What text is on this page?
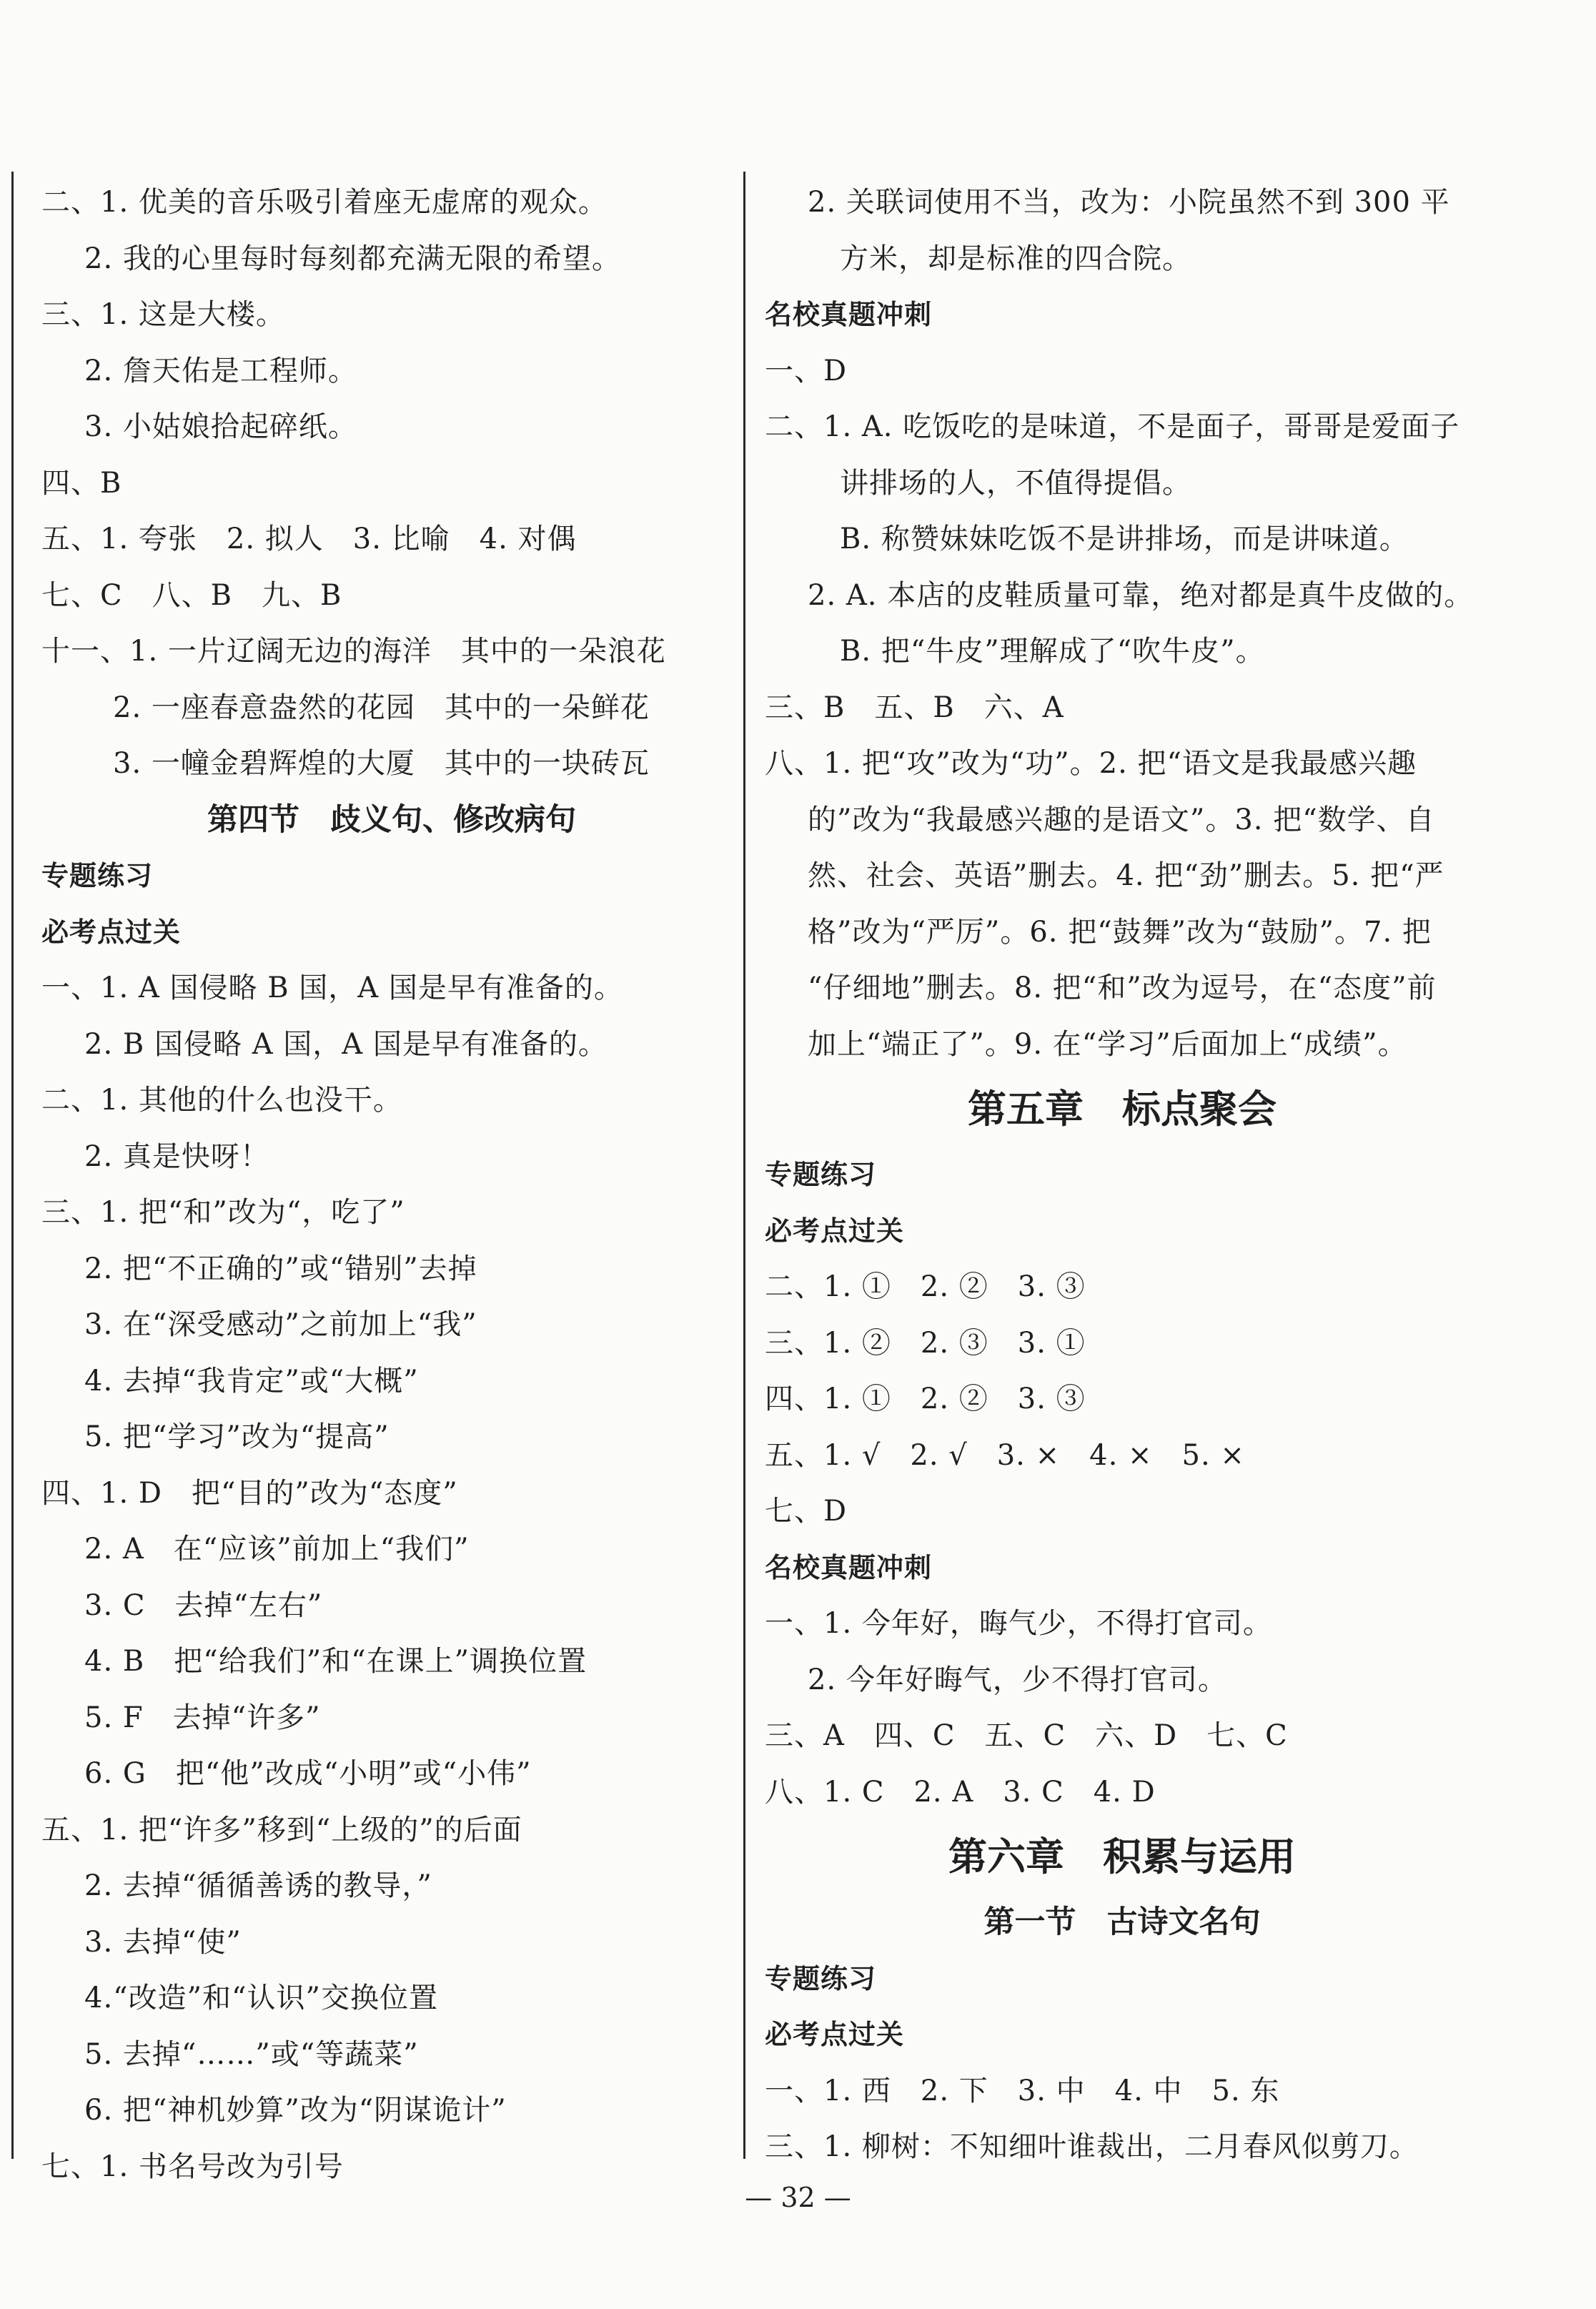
二、1. 优美的音乐吸引着座无虚席的观众。
2. 我的心里每时每刻都充满无限的希望。
三、1. 这是大楼。
2. 詹天佑是工程师。
3. 小姑娘拾起碎纸。
四、B
五、1. 夸张　2. 拟人　3. 比喻　4. 对偶
七、C　八、B　九、B
十一、1. 一片辽阔无边的海洋　其中的一朵浪花
2. 一座春意盎然的花园　其中的一朵鲜花
3. 一幢金碧辉煌的大厦　其中的一块砖瓦
第四节　歧义句、修改病句
专题练习
必考点过关
一、1. A 国侵略 B 国，A 国是早有准备的。
2. B 国侵略 A 国，A 国是早有准备的。
二、1. 其他的什么也没干。
2. 真是快呀！
三、1. 把“和”改为“，吃了”
2. 把“不正确的”或“错别”去掉
3. 在“深受感动”之前加上“我”
4. 去掉“我肯定”或“大概”
5. 把“学习”改为“提高”
四、1. D　把“目的”改为“态度”
2. A　在“应该”前加上“我们”
3. C　去掉“左右”
4. B　把“给我们”和“在课上”调换位置
5. F　去掉“许多”
6. G　把“他”改成“小明”或“小伟”
五、1. 把“许多”移到“上级的”的后面
2. 去掉“循循善诱的教导，”
3. 去掉“使”
4.“改造”和“认识”交换位置
5. 去掉“……”或“等蔬菜”
6. 把“神机妙算”改为“阴谋诡计”
七、1. 书名号改为引号
2. 关联词使用不当，改为：小院虽然不到 300 平
方米，却是标准的四合院。
名校真题冲刺
一、D
二、1. A. 吃饭吃的是味道，不是面子，哥哥是爱面子
讲排场的人，不值得提倡。
B. 称赞妹妹吃饭不是讲排场，而是讲味道。
2. A. 本店的皮鞋质量可靠，绝对都是真牛皮做的。
B. 把“牛皮”理解成了“吹牛皮”。
三、B　五、B　六、A
八、1. 把“攻”改为“功”。2. 把“语文是我最感兴趣
的”改为“我最感兴趣的是语文”。3. 把“数学、自
然、社会、英语”删去。4. 把“劲”删去。5. 把“严
格”改为“严厉”。6. 把“鼓舞”改为“鼓励”。7. 把
“仔细地”删去。8. 把“和”改为逗号，在“态度”前
加上“端正了”。9. 在“学习”后面加上“成绩”。
第五章　标点聚会
专题练习
必考点过关
二、1. ①　2. ②　3. ③
三、1. ②　2. ③　3. ①
四、1. ①　2. ②　3. ③
五、1. √　2. √　3. ×　4. ×　5. ×
七、D
名校真题冲刺
一、1. 今年好，晦气少，不得打官司。
2. 今年好晦气，少不得打官司。
三、A　四、C　五、C　六、D　七、C
八、1. C　2. A　3. C　4. D
第六章　积累与运用
第一节　古诗文名句
专题练习
必考点过关
一、1. 西　2. 下　3. 中　4. 中　5. 东
三、1. 柳树：不知细叶谁裁出，二月春风似剪刀。
— 32 —
